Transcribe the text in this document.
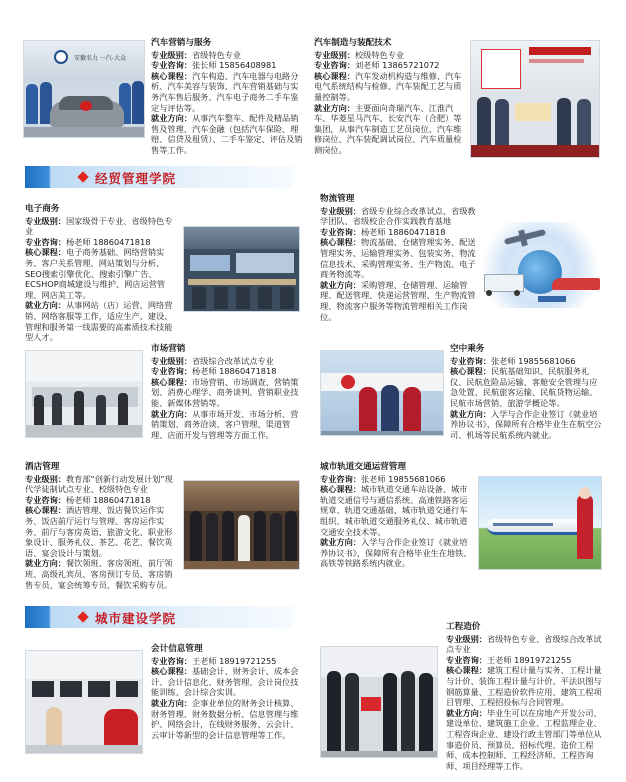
安徽名力 一汽-大众
汽车营销与服务
专业级别：省级特色专业
专业咨询：张长师 15856408981
核心课程：汽车构造、汽车电器与电路分析、汽车美容与装饰、汽车营销基础与实务汽车售后服务、汽车电子商务二手车鉴定与评估等。
就业方向：从事汽车整车、配件及精品销售及管理、汽车金融（包括汽车保险、理赔、信贷及租赁）、二手车鉴定、评估及销售等工作。
汽车制造与装配技术
专业级别：校级特色专业
专业咨询：刘老师 13865721072
核心课程：汽车发动机构造与维修、汽车电气系统结构与检修、汽车装配工艺与质量控制等。
就业方向：主要面向奇瑞汽车、江淮汽车、华菱星马汽车、长安汽车（合肥）等集团，从事汽车制造工艺员岗位、汽车维修岗位、汽车装配调试岗位、汽车质量检测岗位。
经贸管理学院
电子商务
专业级别：国家级骨干专业、省级特色专业
专业咨询：杨老师 18860471818
核心课程：电子商务基础、网络营销实务、客户关系管理、网站策划与分析、SEO搜索引擎优化、搜索引擎广告、ECSHOP商城建设与维护、网店运营管理、网店美工等。
就业方向：从事网站（店）运营、网络营销、网络客服等工作，适应生产、建设、管理和服务第一线需要的高素质技术技能型人才。
物流管理
专业级别：省级专业综合改革试点、省级教学团队、省级校企合作实践教育基地
专业咨询：杨老师 18860471818
核心课程：物流基础、仓储管理实务、配送管理实务、运输管理实务、包装实务、物流信息技术、采购管理实务、生产物流、电子商务物流等。
就业方向：采购管理、仓储管理、运输管理、配送管理、快递运营管理、生产物流管理、物流客户服务等物流管理相关工作岗位。
市场营销
专业级别：省级综合改革试点专业
专业咨询：杨老师 18860471818
核心课程：市场营销、市场调查、营销策划、消费心理学、商务谈判、营销职业技能、新媒体营销等。
就业方向：从事市场开发、市场分析、营销策划、商务洽谈、客户管理、渠道管理、店面开发与管理等方面工作。
空中乘务
专业咨询：张老师 19855681066
核心课程：民航基础知识、民航服务礼仪、民航危险品运输、客舱安全管理与应急处置、民航旅客运输、民航货物运输、民航市场营销、旅游学概论等。
就业方向：入学与合作企业签订《就业培养协议书》，保障所有合格毕业生在航空公司、机场等民航系统内就业。
酒店管理
专业级别：教育部“创新行动发展计划”现代学徒制试点专业、校级特色专业
专业咨询：杨老师 18860471818
核心课程：酒店管理、饭店餐饮运作实务、饭店前厅运行与管理、客房运作实务、前厅与客房英语、旅游文化、职业形象设计、服务礼仪、茶艺、花艺、餐饮英语、宴会设计与策划。
就业方向：餐饮领班、客房领班、前厅领班、高级礼宾员、客房预订专员、客房销售专员、宴会统筹专员、餐饮采购专员。
城市轨道交通运营管理
专业咨询：张老师 19855681066
核心课程：城市轨道交通车站设备、城市轨道交通信号与通信系统、高速铁路客运规章、轨道交通基础、城市轨道交通行车组织、城市轨道交通服务礼仪、城市轨道交通安全技术等。
就业方向：入学与合作企业签订《就业培养协议书》，保障所有合格毕业生在地铁、高铁等铁路系统内就业。
城市建设学院
会计信息管理
专业咨询：王老师 18919721255
核心课程：基础会计、财务会计、成本会计、会计信息化、财务管理、会计岗位技能训练、会计综合实训。
就业方向：企事业单位的财务会计核算、财务管理、财务数据分析、信息管理与维护、网络会计，在线财务服务、云会计、云审计等新型的会计信息管理等工作。
工程造价
专业级别：省级特色专业、省级综合改革试点专业
专业咨询：王老师 18919721255
核心课程：建筑工程计量与实务、工程计量与计价、装饰工程计量与计价、平法识图与钢筋算量、工程造价软件应用、建筑工程项目管理、工程招投标与合同管理。
就业方向：毕业生可以在房地产开发公司、建设单位、建筑施工企业、工程监理企业、工程咨询企业、建设行政主管部门等单位从事造价员、预算员、招标代理、造价工程师、成本控制师、工程经济师、工程咨询师、项目经理等工作。
